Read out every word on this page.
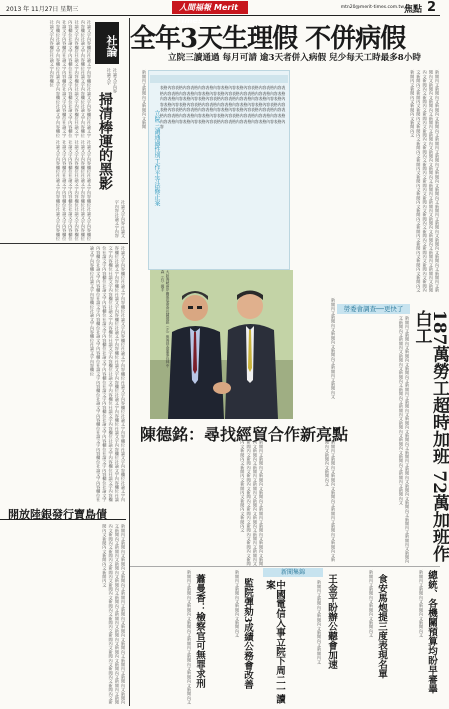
2013 年 11月27日 星期三	人間福報 Merit Times
mtn20@merit-times.com.tw 焦點 2
社論文字內容欄位社論文字內容欄位社論文字內容欄位社論文字內容欄位社論文字內容欄位社論文字內容欄位社論文字內容欄位社論文字內容欄位社論文字內容欄位社論文字內容欄位社論文字內容欄位社論文字內容欄位社論文字內容欄位社論文字內容欄位社論文字內容欄位社論文字內容欄位社論文字內容欄位社論文字內容欄位社論文字內容欄位社論文字內容欄位社論文字內容欄位社論文字內容欄位社論文字內容欄位
社論文字內容欄位社論文字內容欄位社論文字內容欄位社論文字內容欄位社論文字內容欄位社論文字內容欄位社論文字內容欄位社論文字內容欄位社論文字內容欄位社論文字內容欄位社論文字內容欄位社論文字內容欄位社論文字內容欄位社論文字內容欄位社論文字內容欄位社論文字內容欄位社論文字內容欄位社論文字內容欄位
社論文字內容社論文字
社論文字內容社論文字內容社論文字內容
社論
掃清棒運的黑影
社論文字內容欄位社論文字內容欄位社論文字內容欄位社論文字內容欄位社論文字內容欄位社論文字內容欄位社論文字內容欄位社論文字內容欄位社論文字內容欄位社論文字內容欄位社論文字內容欄位社論文字內容欄位社論文字內容欄位社論文字內容欄位社論文字內容欄位社論文字內容欄位社論文字內容欄位社論文字內容欄位社論文字內容欄位社論文字內容欄位社論文字內容欄位社論文字內容欄位社論文字內容欄位社論文字內容欄位社論文字內容欄位社論文字內容欄位社論文字內容欄位社論文字內容欄位社論文字內容欄位社論文字內容欄位社論文字內容欄位社論文字內容欄位社論文字內容欄位社論文字內容欄位社論文字內容欄位社論文字內容欄位社論文字內容欄位社論文字內容欄位社論文字內容欄位社論文字內容欄位社論文字內容欄位社論文字內容欄位
開放陸銀發行寶島債
新聞內文新聞內文新聞內文新聞內文新聞內文新聞內文新聞內文新聞內文新聞內文新聞內文新聞內文新聞內文新聞內文新聞內文新聞內文新聞內文新聞內文新聞內文新聞內文新聞內文新聞內文新聞內文新聞內文新聞內文新聞內文新聞內文新聞內文新聞內文新聞內文新聞內文新聞內文新聞內文新聞內文新聞內文新聞內文新聞內文
全年3天生理假 不併病假
立院三讀通過 每月可請 逾3天者併入病假 兒少每天工時最多8小時
新聞內文新聞內文新聞內文新聞
立院三讀通過性別工作平等法修正案
表格內容表格內容表格內容表格內容表格內容表格內容表格內容表格內容表格內容表格內容表格內容表格內容表格內容表格內容表格內容表格內容表格內容表格內容表格內容表格內容表格內容表格內容表格內容表格內容表格內容表格內容表格內容表格內容表格內容表格內容表格內容表格內容表格內容表格內容表格內容表格內容表格內容表格內容表格內容表格內容表格內容表格內容表格內容表格內容表格內容表格內容表格內容表格內容表格內容表格內容表格內容表格內容表格內容表格內容表格內容表格內容表格內容表格內容	新聞內文新聞內文新聞內文新聞內文新聞內文新聞內文新聞內文新聞內文新聞內文新聞內文新聞內文新聞內文新聞內文新聞內文新聞內文新聞內文新聞內文新聞內文新聞內文新聞內文新聞內文新聞內文新聞內文新聞內文新聞內文新聞內文新聞內文新聞內文新聞內文新聞內文新聞內文新聞內文新聞內文新聞內文新聞內文新聞內文新聞內文新聞內文新聞內文新聞內文新聞內文新聞內文新聞內文新聞內文新聞內文新聞內文新聞內文新聞內文新聞內文新聞內文新聞內文新聞內文新聞內文新聞內文新聞內文新聞內文新聞內文
大陸海峽兩岸關係協會會長陳德銘（左）與海基會董事長林中森（右）握手
陳德銘：尋找經貿合作新亮點
新聞內文新聞內文新聞內文新聞內文新聞內文新聞內文	勞委會調查──更快了
新聞內文新聞內文新聞內文新聞內文新聞內文新聞內文新聞內文新聞內文新聞內文新聞內文新聞內文新聞內文新聞內文新聞內文新聞內文新聞內文新聞內文新聞內文新聞內文新聞內文新聞內文新聞內文新聞內文新聞內文新聞內文新聞內文	187萬勞工超時加班 72萬加班作白工
新聞內文新聞內文新聞內文新聞內文新聞內文新聞內文新聞內文新聞內文新聞內文新聞內文新聞內文新聞內文新聞內文新聞內文新聞內文新聞內文新聞內文新聞內文新聞內文新聞內文新聞內文新聞內文新聞內文新聞內文新聞內文新聞內文新聞內文新聞內文	新聞內文新聞內文新聞內文新聞內文新聞內文新聞內文新聞內文新聞內文新聞內文新聞內文
新聞內文新聞內文新聞內文新聞內文新聞內文新聞內文新聞內文新聞內文 蕭曼香：檢察官可無罪求刑	新聞內文新聞內文新聞內文新聞內文 監院彈劾3成績公務會改善
新聞集錦
中國電信入事立院下周二一讀案	新聞內文新聞內文新聞內文新聞內文新聞內文 王金平盼辦公聽會加速	新聞內文新聞內文新聞內文新聞內文 食安馬炮提三度表現名單	新聞內文新聞內文新聞內文新聞內文 總統、各機關預算均盼早審畢
